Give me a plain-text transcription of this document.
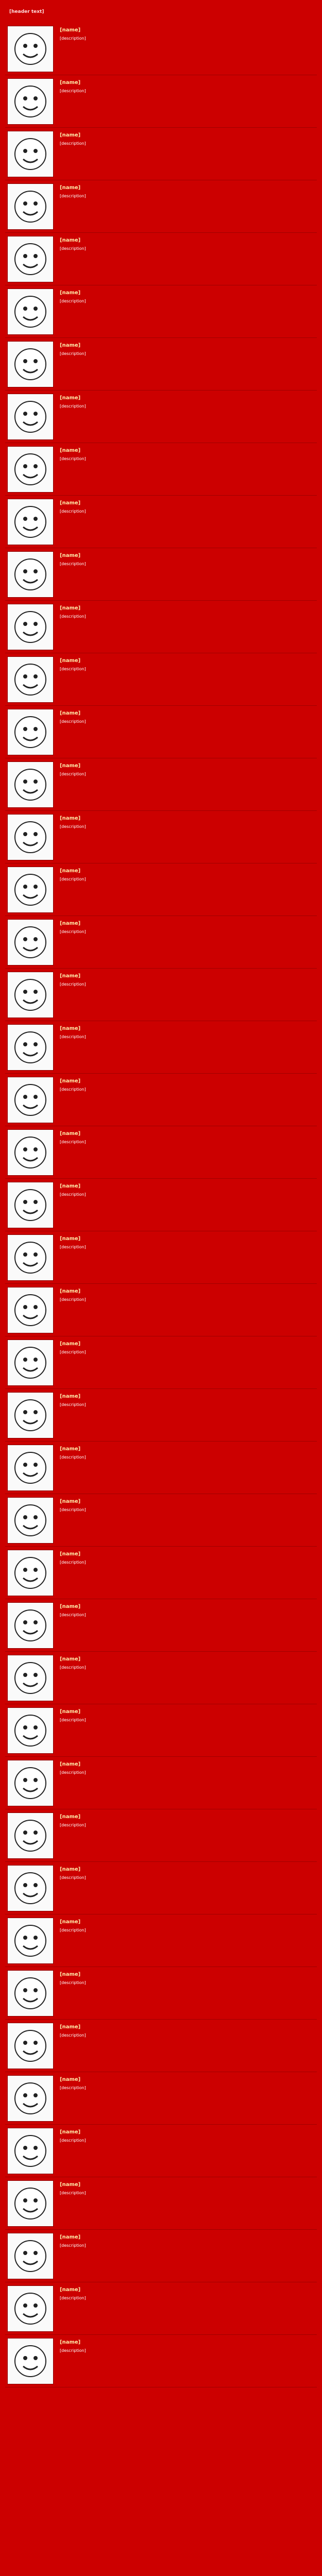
[header text]
[name]
[description]
[name]
[description]
[name]
[description]
[name]
[description]
[name]
[description]
[name]
[description]
[name]
[description]
[name]
[description]
[name]
[description]
[name]
[description]
[name]
[description]
[name]
[description]
[name]
[description]
[name]
[description]
[name]
[description]
[name]
[description]
[name]
[description]
[name]
[description]
[name]
[description]
[name]
[description]
[name]
[description]
[name]
[description]
[name]
[description]
[name]
[description]
[name]
[description]
[name]
[description]
[name]
[description]
[name]
[description]
[name]
[description]
[name]
[description]
[name]
[description]
[name]
[description]
[name]
[description]
[name]
[description]
[name]
[description]
[name]
[description]
[name]
[description]
[name]
[description]
[name]
[description]
[name]
[description]
[name]
[description]
[name]
[description]
[name]
[description]
[name]
[description]
[name]
[description]
